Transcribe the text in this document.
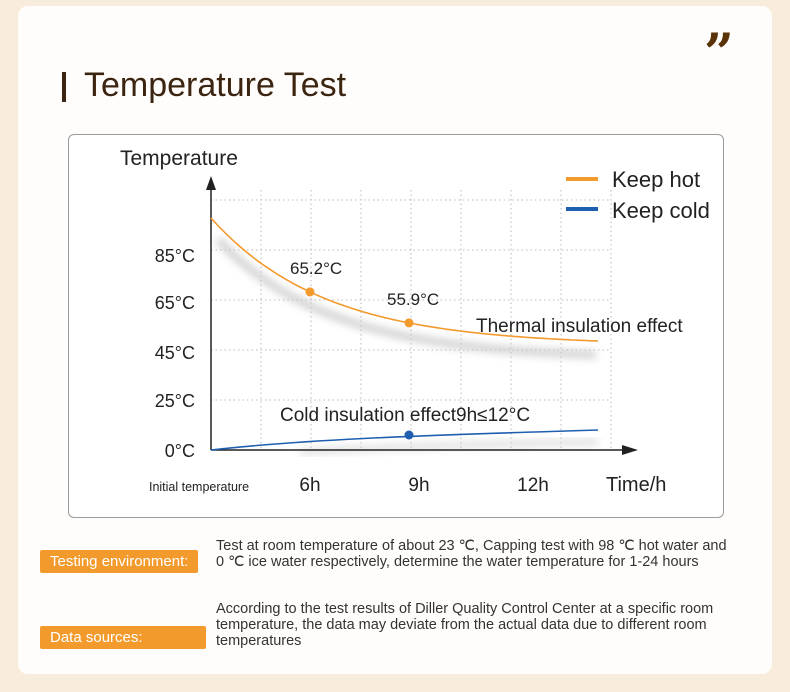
”
Temperature Test
85°C
65°C
45°C
25°C
0°C
Initial temperature	6h	9h	12h
65.2°C
55.9°C
Keep hot
Keep cold
Temperature
Time/h
Thermal insulation effect
Cold insulation effect9h≤12°C
Testing environment:
Test at room temperature of about 23 ℃, Capping test with 98 ℃ hot water and 0 ℃ ice water respectively, determine the water temperature for 1-24 hours
Data sources:
According to the test results of Diller Quality Control Center at a specific room temperature, the data may deviate from the actual data due to different room temperatures
